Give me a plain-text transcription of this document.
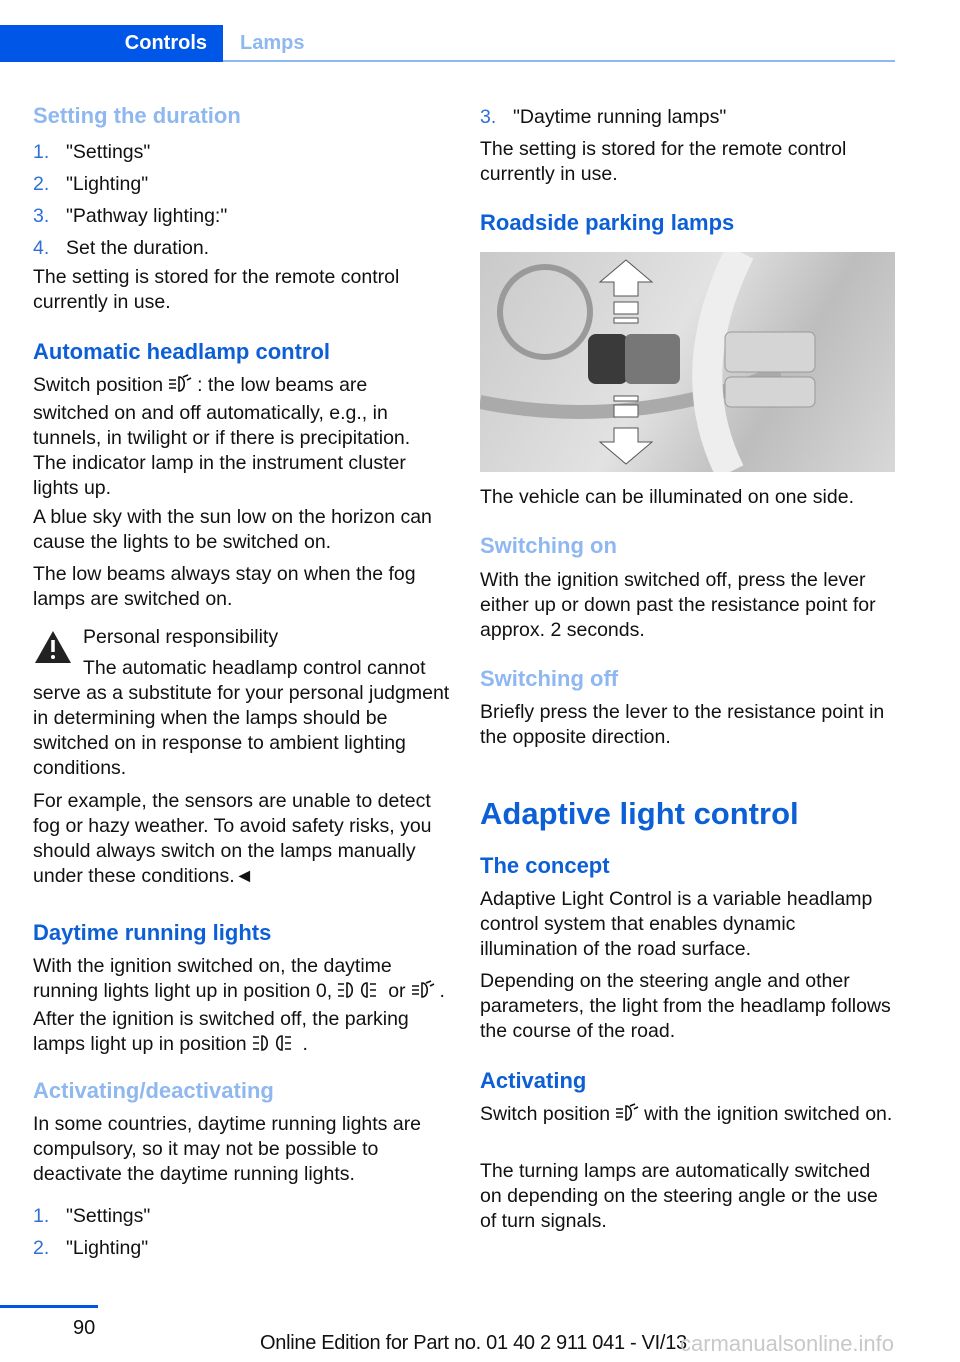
Controls	Lamps
Setting the duration
1. "Settings"
2. "Lighting"
3. "Pathway lighting:"
4. Set the duration.
The setting is stored for the remote control currently in use.
Automatic headlamp control
Switch position : the low beams are switched on and off automatically, e.g., in tunnels, in twilight or if there is precipitation. The indicator lamp in the instrument cluster lights up.
A blue sky with the sun low on the horizon can cause the lights to be switched on.
The low beams always stay on when the fog lamps are switched on.
Personal responsibility
The automatic headlamp control cannot serve as a substitute for your personal judgment in determining when the lamps should be switched on in response to ambient lighting conditions.
For example, the sensors are unable to detect fog or hazy weather. To avoid safety risks, you should always switch on the lamps manually under these conditions.◄
Daytime running lights
With the ignition switched on, the daytime running lights light up in position 0,	or . After the ignition is switched off, the parking lamps light up in position	.
Activating/deactivating
In some countries, daytime running lights are compulsory, so it may not be possible to deactivate the daytime running lights.
1. "Settings"
2. "Lighting"
3. "Daytime running lamps"
The setting is stored for the remote control currently in use.
Roadside parking lamps
The vehicle can be illuminated on one side.
Switching on
With the ignition switched off, press the lever either up or down past the resistance point for approx. 2 seconds.
Switching off
Briefly press the lever to the resistance point in the opposite direction.
Adaptive light control
The concept
Adaptive Light Control is a variable headlamp control system that enables dynamic illumination of the road surface.
Depending on the steering angle and other parameters, the light from the headlamp follows the course of the road.
Activating
Switch position with the ignition switched on.
The turning lamps are automatically switched on depending on the steering angle or the use of turn signals.
90
Online Edition for Part no. 01 40 2 911 041 - VI/13
carmanualsonline.info
